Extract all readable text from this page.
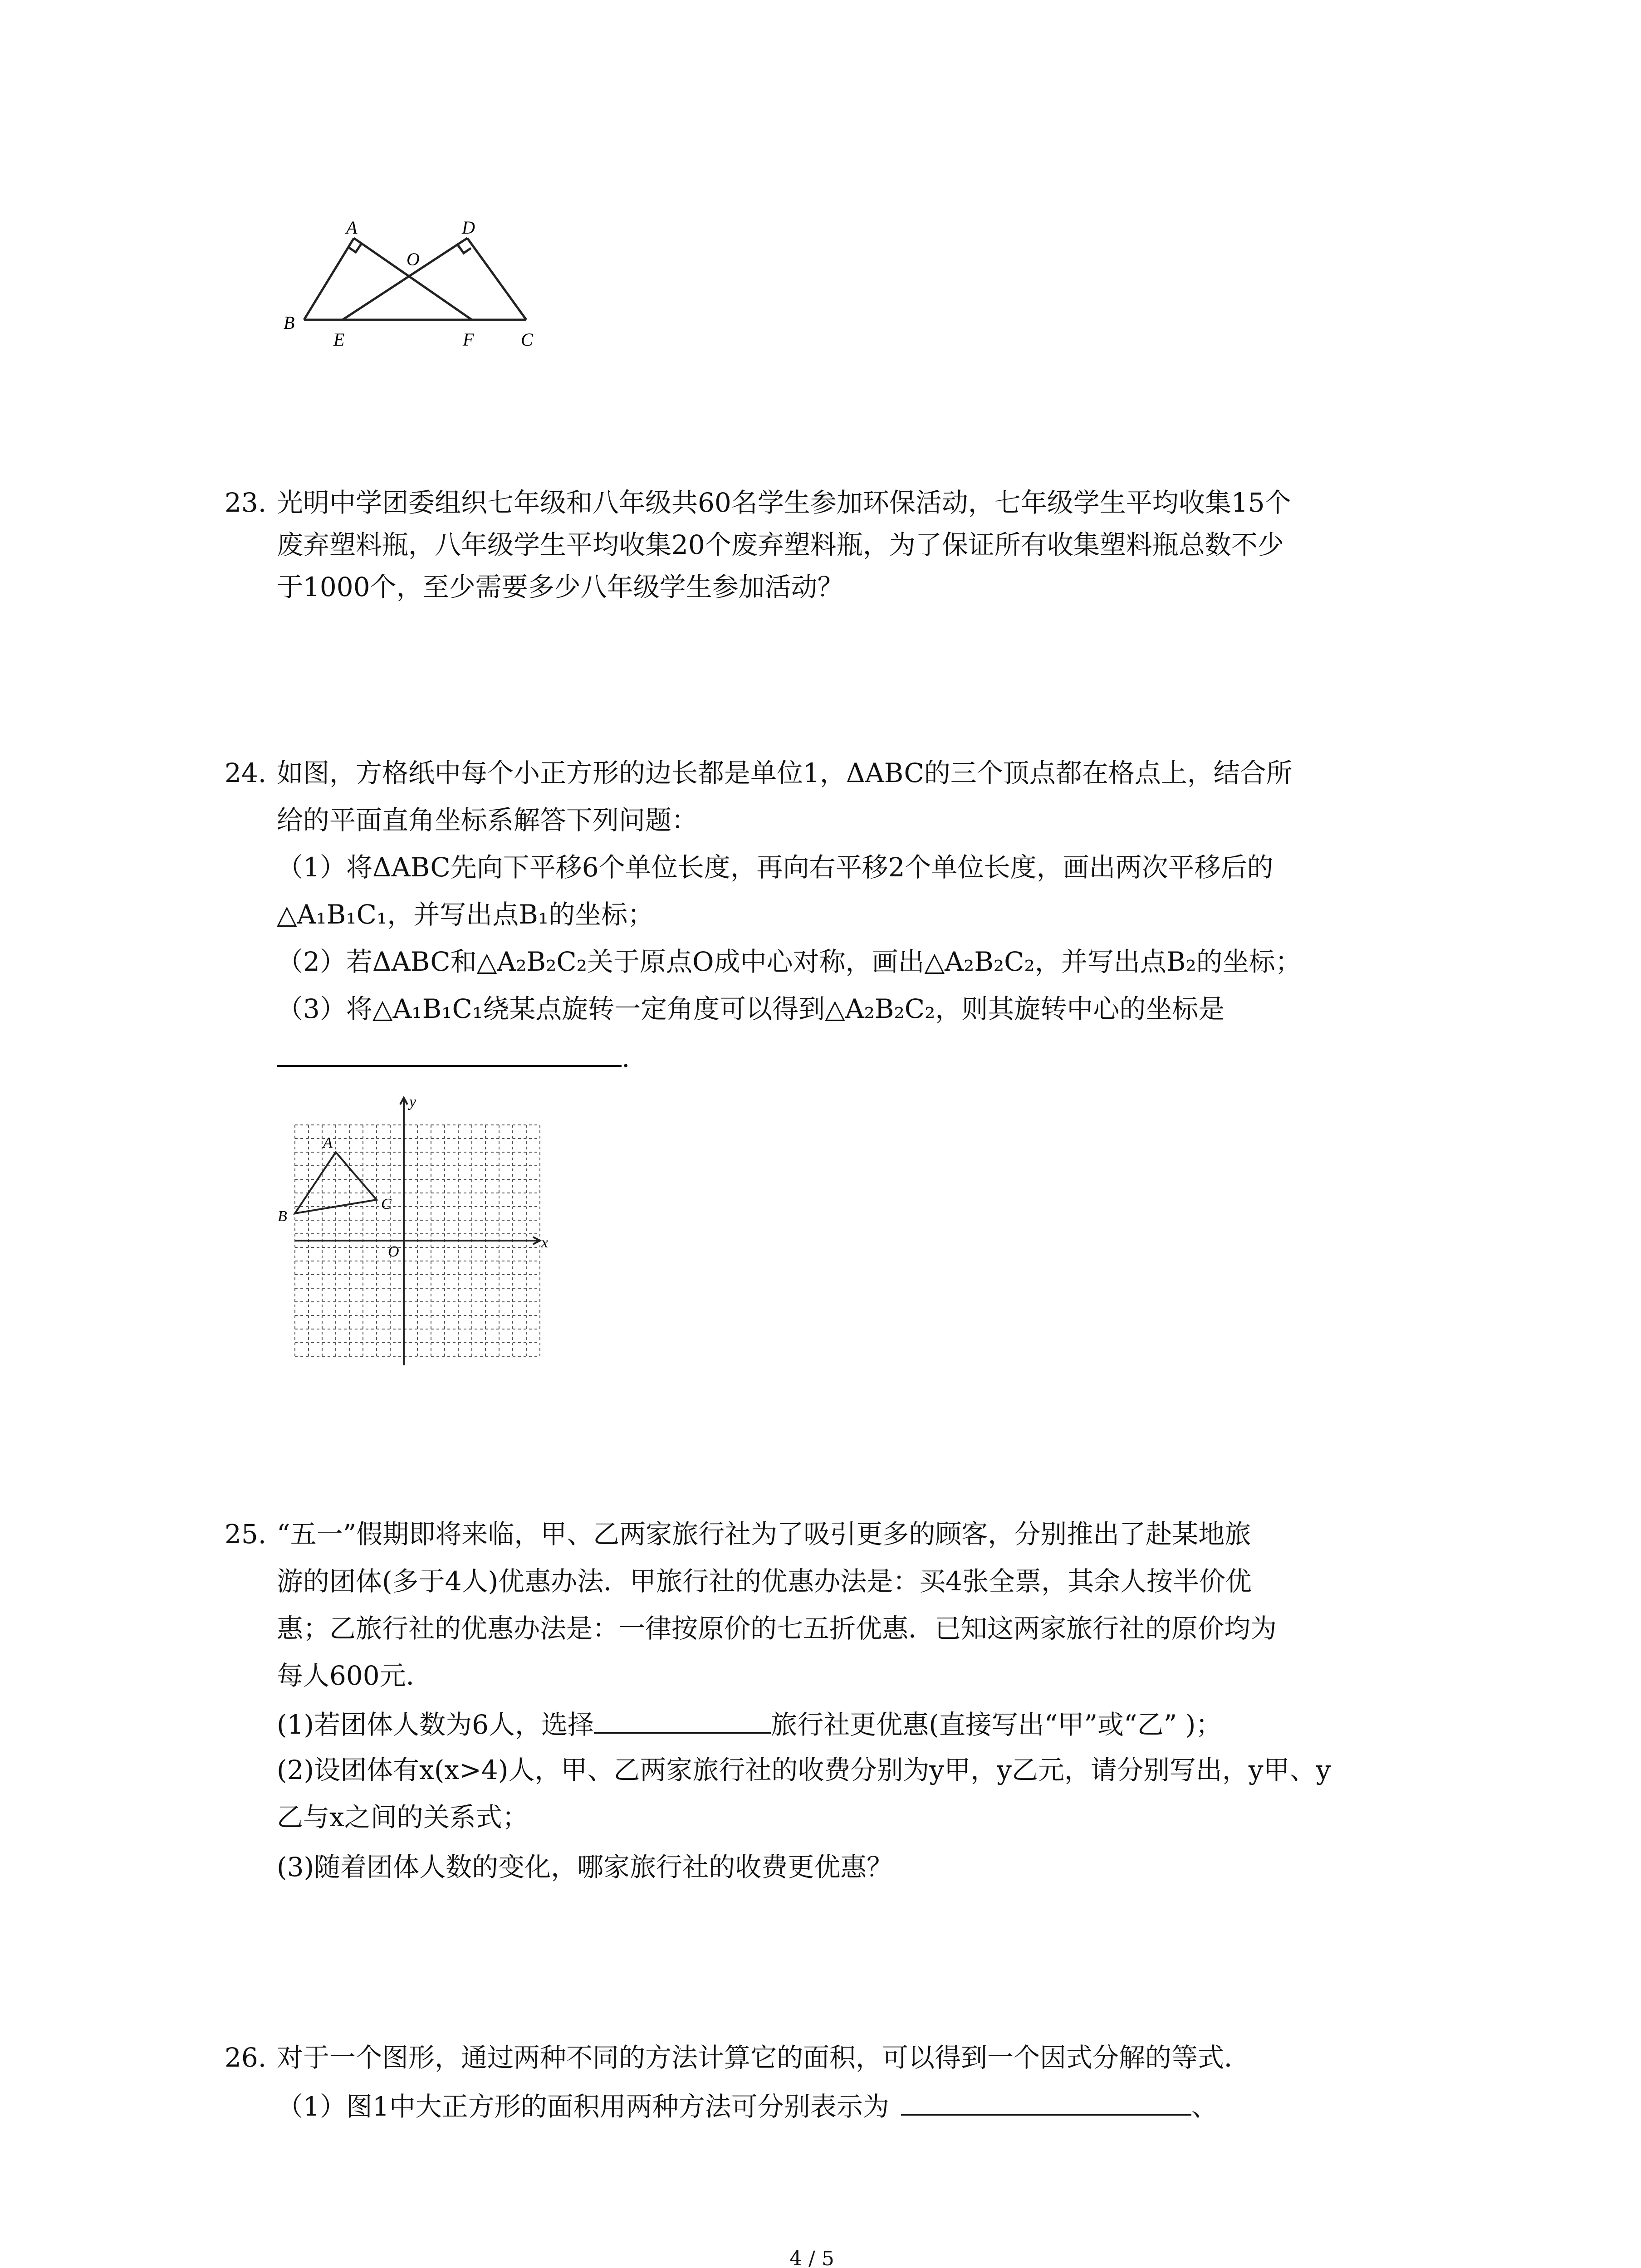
A	D
O
B
E	F	C
23. 光明中学团委组织七年级和八年级共60名学生参加环保活动，七年级学生平均收集15个
废弃塑料瓶，八年级学生平均收集20个废弃塑料瓶，为了保证所有收集塑料瓶总数不少
于1000个，至少需要多少八年级学生参加活动？
24. 如图，方格纸中每个小正方形的边长都是单位1，ΔABC的三个顶点都在格点上，结合所
给的平面直角坐标系解答下列问题：
（1）将ΔABC先向下平移6个单位长度，再向右平移2个单位长度，画出两次平移后的
△A₁B₁C₁，并写出点B₁的坐标；
（2）若ΔABC和△A₂B₂C₂关于原点O成中心对称，画出△A₂B₂C₂，并写出点B₂的坐标；
（3）将△A₁B₁C₁绕某点旋转一定角度可以得到△A₂B₂C₂，则其旋转中心的坐标是
.
y
x
A
B
C
O
25. “五一”假期即将来临，甲、乙两家旅行社为了吸引更多的顾客，分别推出了赴某地旅
游的团体(多于4人)优惠办法．甲旅行社的优惠办法是：买4张全票，其余人按半价优
惠；乙旅行社的优惠办法是：一律按原价的七五折优惠．已知这两家旅行社的原价均为
每人600元．
(1)若团体人数为6人，选择	旅行社更优惠(直接写出“甲”或“乙” )；
(2)设团体有x(x>4)人，甲、乙两家旅行社的收费分别为y甲，y乙元，请分别写出，y甲、y
乙与x之间的关系式；
(3)随着团体人数的变化，哪家旅行社的收费更优惠？
26. 对于一个图形，通过两种不同的方法计算它的面积，可以得到一个因式分解的等式．
（1）图1中大正方形的面积用两种方法可分别表示为	、
4 / 5
